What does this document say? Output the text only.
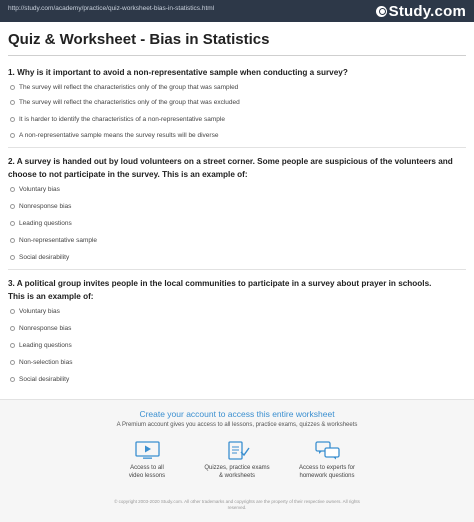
http://study.com/academy/practice/quiz-worksheet-bias-in-statistics.html	Study.com
Quiz & Worksheet - Bias in Statistics
1. Why is it important to avoid a non-representative sample when conducting a survey?
The survey will reflect the characteristics only of the group that was sampled
The survey will reflect the characteristics only of the group that was excluded
It is harder to identify the characteristics of a non-representative sample
A non-representative sample means the survey results will be diverse
2. A survey is handed out by loud volunteers on a street corner. Some people are suspicious of the volunteers and
choose to not participate in the survey. This is an example of:
Voluntary bias
Nonresponse bias
Leading questions
Non-representative sample
Social desirability
3. A political group invites people in the local communities to participate in a survey about prayer in schools.
This is an example of:
Voluntary bias
Nonresponse bias
Leading questions
Non-selection bias
Social desirability
Create your account to access this entire worksheet
A Premium account gives you access to all lessons, practice exams, quizzes & worksheets
Access to all
video lessons
Quizzes, practice exams
& worksheets
Access to experts for
homework questions
© copyright 2003-2020 Study.com. All other trademarks and copyrights are the property of their respective owners. All rights
reserved.
